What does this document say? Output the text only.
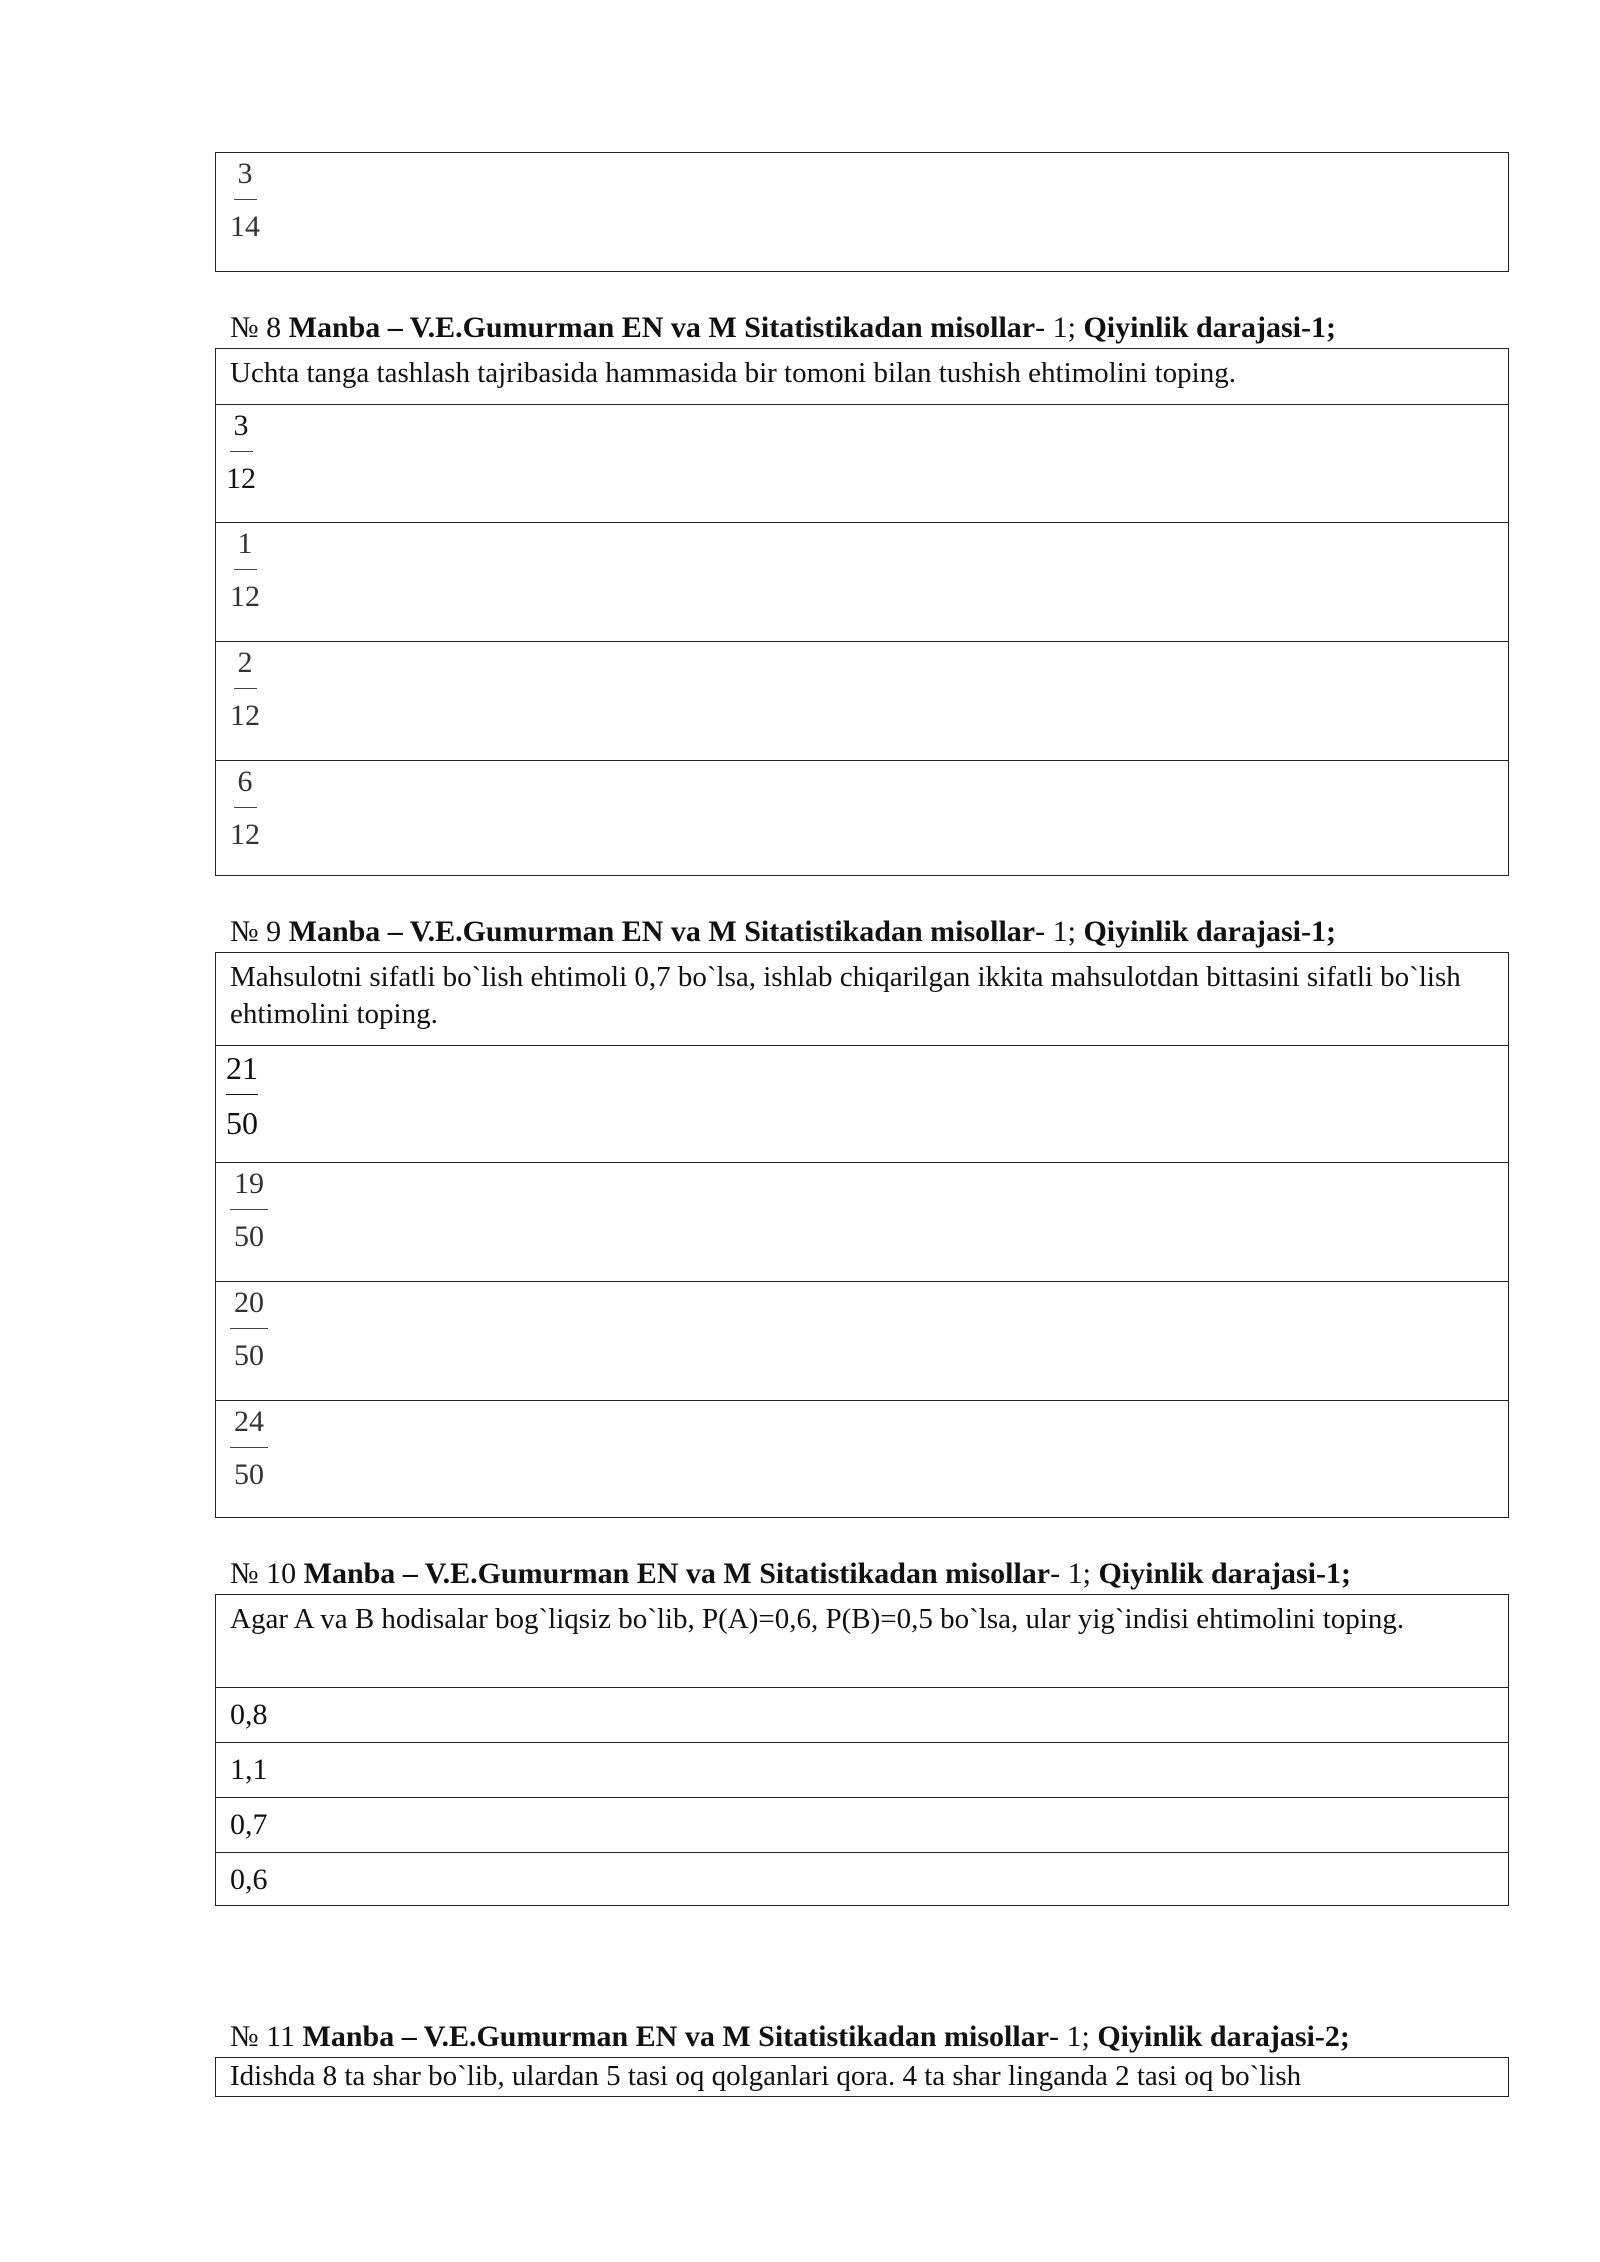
$\frac{3}{14}$
№ 8 Manba – V.E.Gumurman EN va M Sitatistikadan misollar- 1; Qiyinlik darajasi-1;
Uchta tanga tashlash tajribasida hammasida bir tomoni bilan tushish ehtimolini toping.
$\frac{3}{12}$
$\frac{1}{12}$
$\frac{2}{12}$
$\frac{6}{12}$
№ 9 Manba – V.E.Gumurman EN va M Sitatistikadan misollar- 1; Qiyinlik darajasi-1;
Mahsulotni sifatli bo`lish ehtimoli 0,7 bo`lsa, ishlab chiqarilgan ikkita mahsulotdan bittasini sifatli bo`lish ehtimolini toping.
$\frac{21}{50}$
$\frac{19}{50}$
$\frac{20}{50}$
$\frac{24}{50}$
№ 10 Manba – V.E.Gumurman EN va M Sitatistikadan misollar- 1; Qiyinlik darajasi-1;
Agar A va B hodisalar bog`liqsiz bo`lib, P(A)=0,6, P(B)=0,5 bo`lsa, ular yig`indisi ehtimolini toping.
0,8
1,1
0,7
0,6
№ 11 Manba – V.E.Gumurman EN va M Sitatistikadan misollar- 1; Qiyinlik darajasi-2;
Idishda 8 ta shar bo`lib, ulardan 5 tasi oq qolganlari qora. 4 ta shar linganda 2 tasi oq bo`lish
